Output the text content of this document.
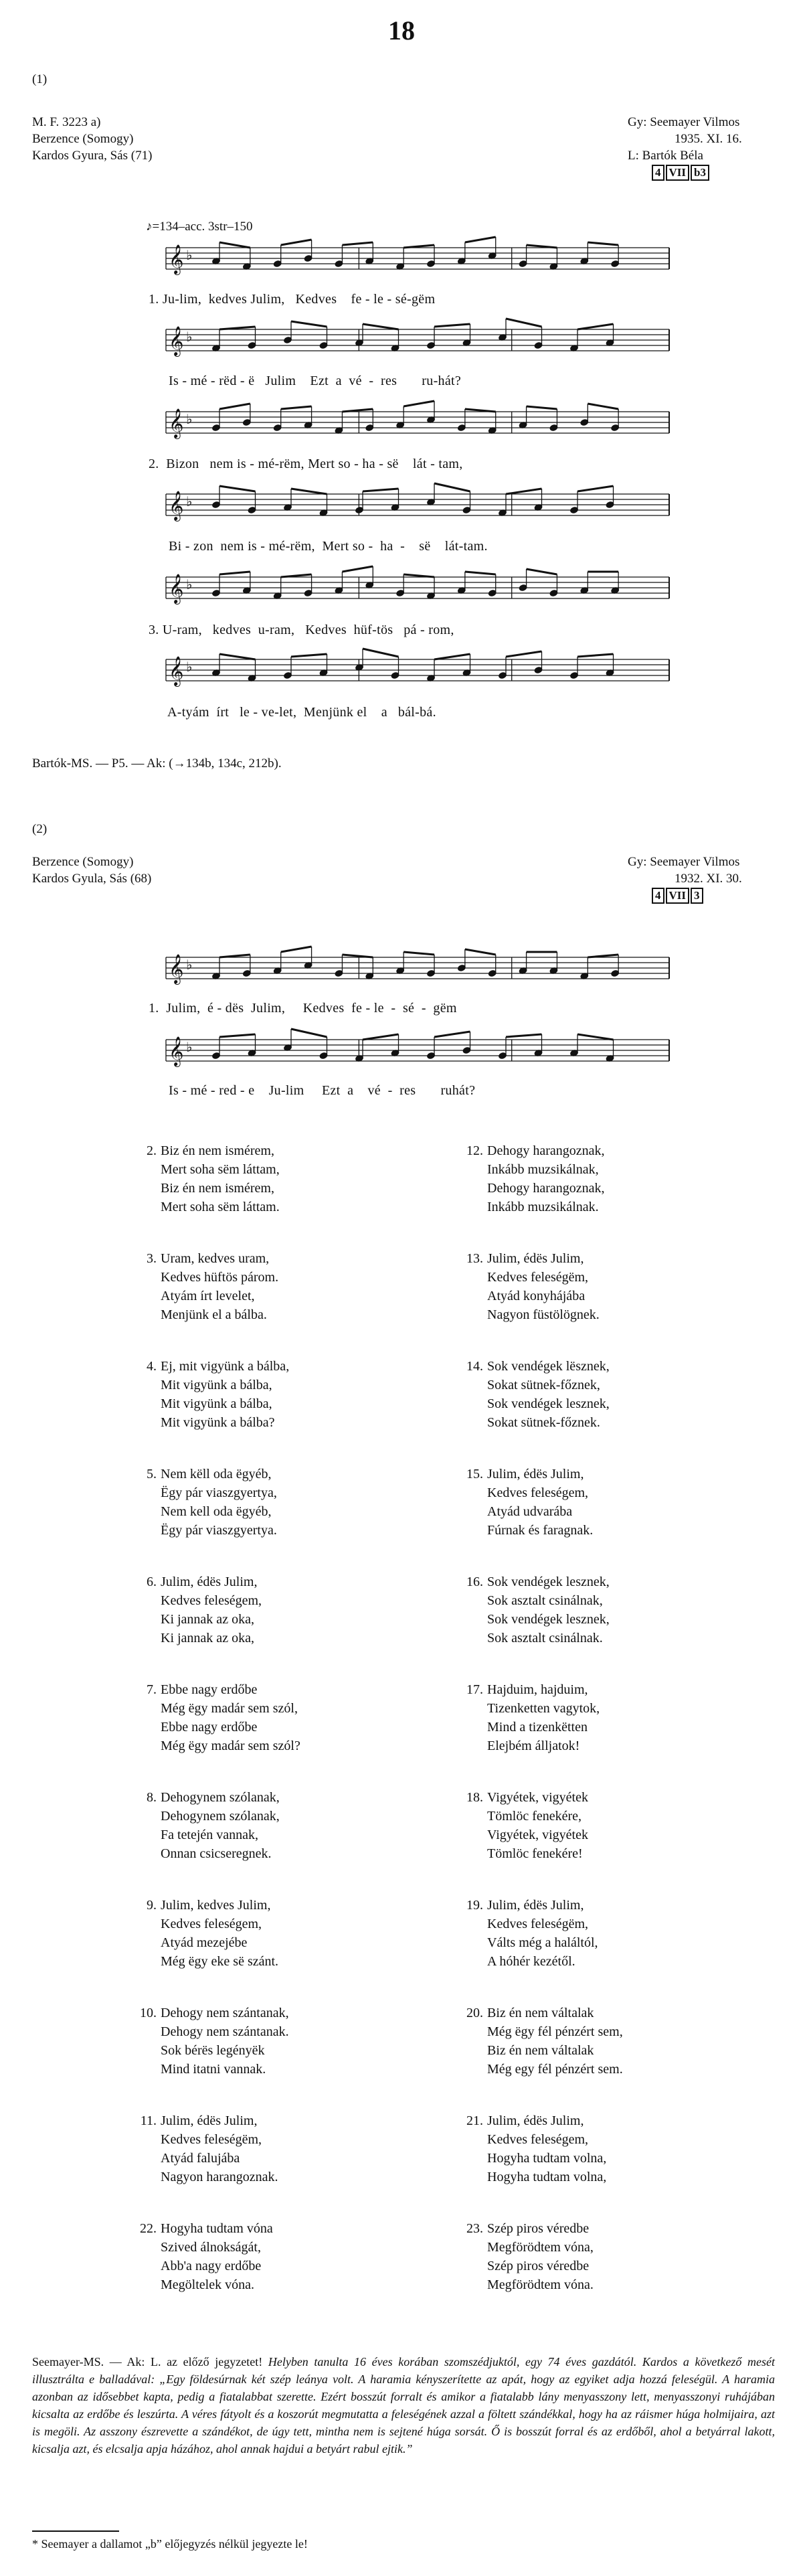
18
(1)
M. F. 3223 a)
Berzence (Somogy)
Kardos Gyura, Sás (71)
Gy: Seemayer Vilmos
1935. XI. 16.
L: Bartók Béla
4 VII b3
♪=134–acc. 3str–150
𝄞 ♭
𝄞 ♭
𝄞 ♭
𝄞 ♭
𝄞 ♭
𝄞 ♭
𝄞 ♭
𝄞 ♭
1. Ju-lim,  kedves Julim,   Kedves    fe - le - sé-gëm
Is - mé - rëd - ë   Julim    Ezt  a  vé  -  res       ru-hát?
2.  Bizon   nem is - mé-rëm, Mert so - ha - së    lát - tam,
Bi - zon  nem is - mé-rëm,  Mert so -  ha  -    së    lát-tam.
3. U-ram,   kedves  u-ram,   Kedves  hüf-tös   pá - rom,
A-tyám  írt   le - ve-let,  Menjünk el    a   bál-bá.
Bartók-MS. — P5. — Ak: (→134b, 134c, 212b).
(2)
Berzence (Somogy)
Kardos Gyula, Sás (68)
Gy: Seemayer Vilmos
1932. XI. 30.
4 VII 3
1.  Julim,  é - dës  Julim,     Kedves  fe - le  -  sé  -  gëm
Is - mé - red - e    Ju-lim     Ezt  a    vé  -  res       ruhát?
2. Biz én nem ismérem,
Mert soha sëm láttam,
Biz én nem ismérem,
Mert soha sëm láttam.
3. Uram, kedves uram,
Kedves hüftös párom.
Atyám írt levelet,
Menjünk el a bálba.
4. Ej, mit vigyünk a bálba,
Mit vigyünk a bálba,
Mit vigyünk a bálba,
Mit vigyünk a bálba?
5. Nem këll oda ëgyéb,
Ëgy pár viaszgyertya,
Nem kell oda ëgyéb,
Ëgy pár viaszgyertya.
6. Julim, édës Julim,
Kedves feleségem,
Ki jannak az oka,
Ki jannak az oka,
7. Ebbe nagy erdőbe
Még ëgy madár sem szól,
Ebbe nagy erdőbe
Még ëgy madár sem szól?
8. Dehogynem szólanak,
Dehogynem szólanak,
Fa tetején vannak,
Onnan csicseregnek.
9. Julim, kedves Julim,
Kedves feleségem,
Atyád mezejébe
Még ëgy eke së szánt.
10. Dehogy nem szántanak,
Dehogy nem szántanak.
Sok bérës legényëk
Mind itatni vannak.
11. Julim, édës Julim,
Kedves feleségëm,
Atyád falujába
Nagyon harangoznak.
22. Hogyha tudtam vóna
Szived álnokságát,
Abb'a nagy erdőbe
Megöltelek vóna.
12. Dehogy harangoznak,
Inkább muzsikálnak,
Dehogy harangoznak,
Inkább muzsikálnak.
13. Julim, édës Julim,
Kedves feleségëm,
Atyád konyhájába
Nagyon füstölögnek.
14. Sok vendégek lësznek,
Sokat sütnek-főznek,
Sok vendégek lesznek,
Sokat sütnek-főznek.
15. Julim, édës Julim,
Kedves feleségem,
Atyád udvarába
Fúrnak és faragnak.
16. Sok vendégek lesznek,
Sok asztalt csinálnak,
Sok vendégek lesznek,
Sok asztalt csinálnak.
17. Hajduim, hajduim,
Tizenketten vagytok,
Mind a tizenkëtten
Elejbém álljatok!
18. Vigyétek, vigyétek
Tömlöc fenekére,
Vigyétek, vigyétek
Tömlöc fenekére!
19. Julim, édës Julim,
Kedves feleségëm,
Válts még a haláltól,
A hóhér kezétől.
20. Biz én nem váltalak
Még ëgy fél pénzért sem,
Biz én nem váltalak
Még egy fél pénzért sem.
21. Julim, édës Julim,
Kedves feleségem,
Hogyha tudtam volna,
Hogyha tudtam volna,
23. Szép piros véredbe
Megförödtem vóna,
Szép piros véredbe
Megförödtem vóna.
Seemayer-MS. — Ak: L. az előző jegyzetet! Helyben tanulta 16 éves korában szomszédjuktól, egy 74 éves gazdától. Kardos a következő mesét illusztrálta e balladával: „Egy földesúrnak két szép leánya volt. A haramia kényszerítette az apát, hogy az egyiket adja hozzá feleségül. A haramia azonban az idősebbet kapta, pedig a fiatalabbat szerette. Ezért bosszút forralt és amikor a fiatalabb lány menyasszony lett, menyasszonyi ruhájában kicsalta az erdőbe és leszúrta. A véres fátyolt és a koszorút megmutatta a feleségének azzal a föltett szándékkal, hogy ha az ráismer húga holmijaira, azt is megöli. Az asszony észrevette a szándékot, de úgy tett, mintha nem is sejtené húga sorsát. Ő is bosszút forral és az erdőből, ahol a betyárral lakott, kicsalja azt, és elcsalja apja házához, ahol annak hajdui a betyárt rabul ejtik.”
* Seemayer a dallamot „b” előjegyzés nélkül jegyezte le!
